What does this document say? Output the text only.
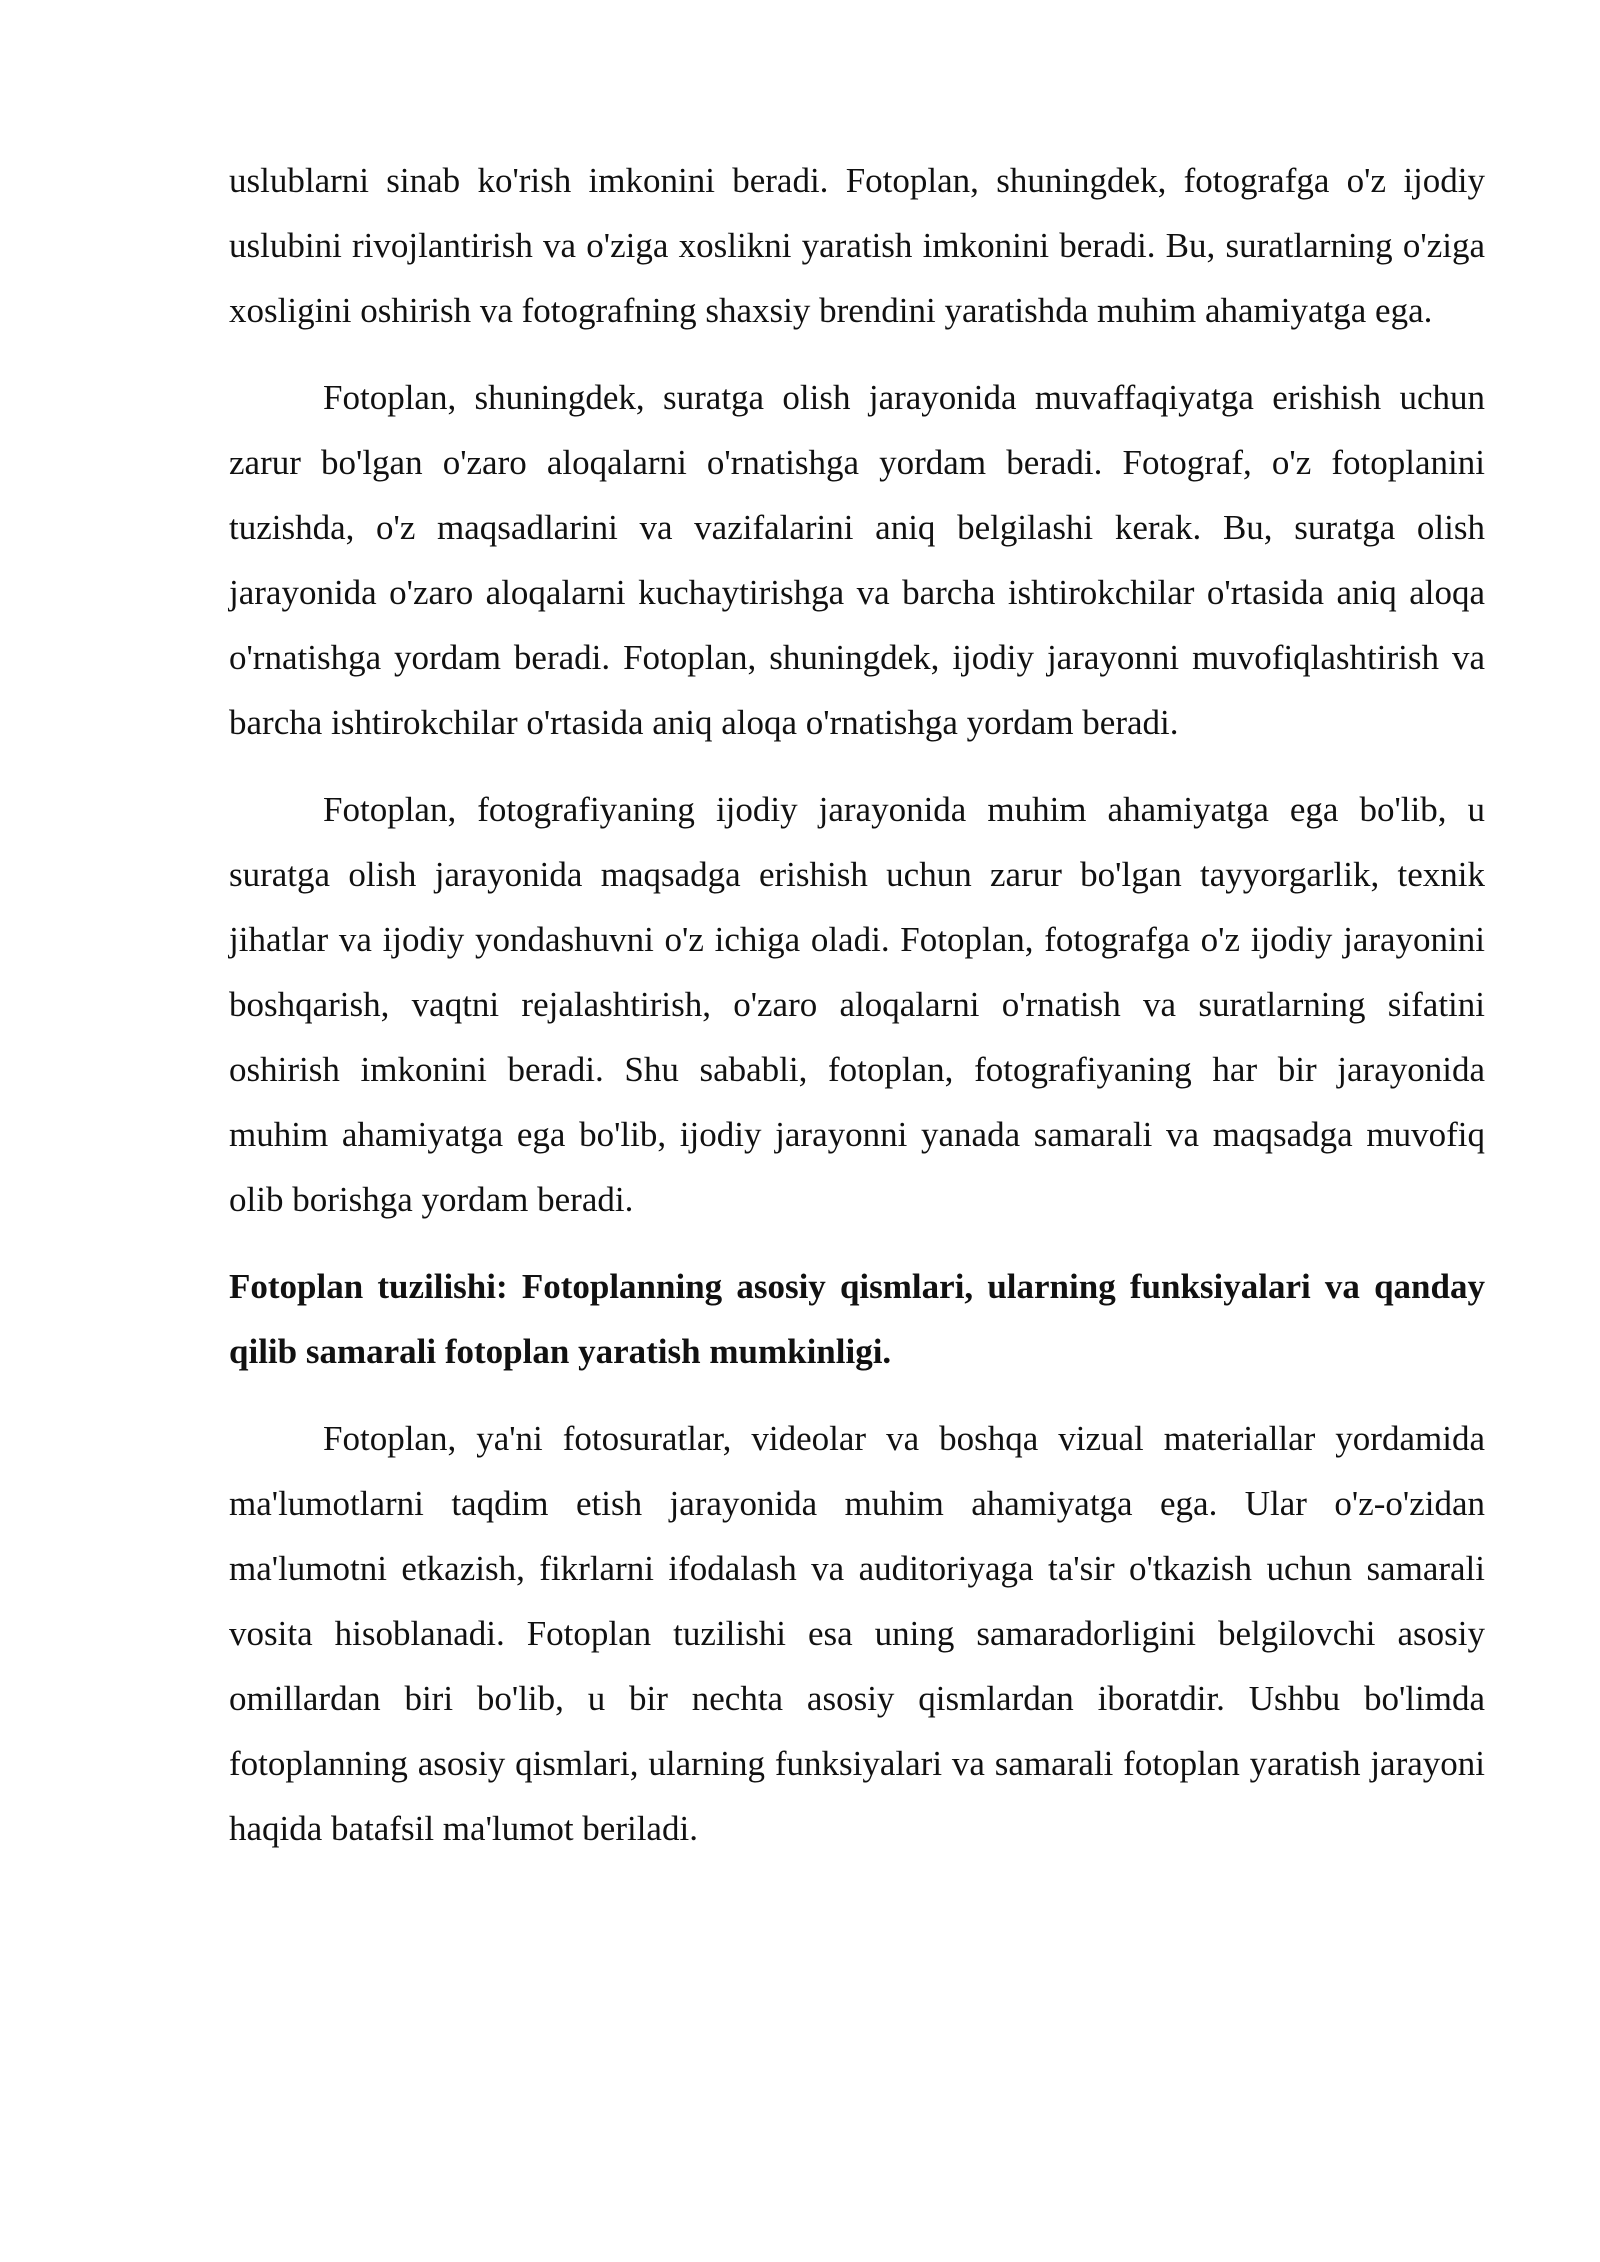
uslublarni sinab ko'rish imkonini beradi. Fotoplan, shuningdek, fotografga o'z ijodiy uslubini rivojlantirish va o'ziga xoslikni yaratish imkonini beradi. Bu, suratlarning o'ziga xosligini oshirish va fotografning shaxsiy brendini yaratishda muhim ahamiyatga ega.

Fotoplan, shuningdek, suratga olish jarayonida muvaffaqiyatga erishish uchun zarur bo'lgan o'zaro aloqalarni o'rnatishga yordam beradi. Fotograf, o'z fotoplanini tuzishda, o'z maqsadlarini va vazifalarini aniq belgilashi kerak. Bu, suratga olish jarayonida o'zaro aloqalarni kuchaytirishga va barcha ishtirokchilar o'rtasida aniq aloqa o'rnatishga yordam beradi. Fotoplan, shuningdek, ijodiy jarayonni muvofiqlashtirish va barcha ishtirokchilar o'rtasida aniq aloqa o'rnatishga yordam beradi.

Fotoplan, fotografiyaning ijodiy jarayonida muhim ahamiyatga ega bo'lib, u suratga olish jarayonida maqsadga erishish uchun zarur bo'lgan tayyorgarlik, texnik jihatlar va ijodiy yondashuvni o'z ichiga oladi. Fotoplan, fotografga o'z ijodiy jarayonini boshqarish, vaqtni rejalashtirish, o'zaro aloqalarni o'rnatish va suratlarning sifatini oshirish imkonini beradi. Shu sababli, fotoplan, fotografiyaning har bir jarayonida muhim ahamiyatga ega bo'lib, ijodiy jarayonni yanada samarali va maqsadga muvofiq olib borishga yordam beradi.

Fotoplan tuzilishi: Fotoplanning asosiy qismlari, ularning funksiyalari va qanday qilib samarali fotoplan yaratish mumkinligi.

Fotoplan, ya'ni fotosuratlar, videolar va boshqa vizual materiallar yordamida ma'lumotlarni taqdim etish jarayonida muhim ahamiyatga ega. Ular o'z-o'zidan ma'lumotni etkazish, fikrlarni ifodalash va auditoriyaga ta'sir o'tkazish uchun samarali vosita hisoblanadi. Fotoplan tuzilishi esa uning samaradorligini belgilovchi asosiy omillardan biri bo'lib, u bir nechta asosiy qismlardan iboratdir. Ushbu bo'limda fotoplanning asosiy qismlari, ularning funksiyalari va samarali fotoplan yaratish jarayoni haqida batafsil ma'lumot beriladi.
